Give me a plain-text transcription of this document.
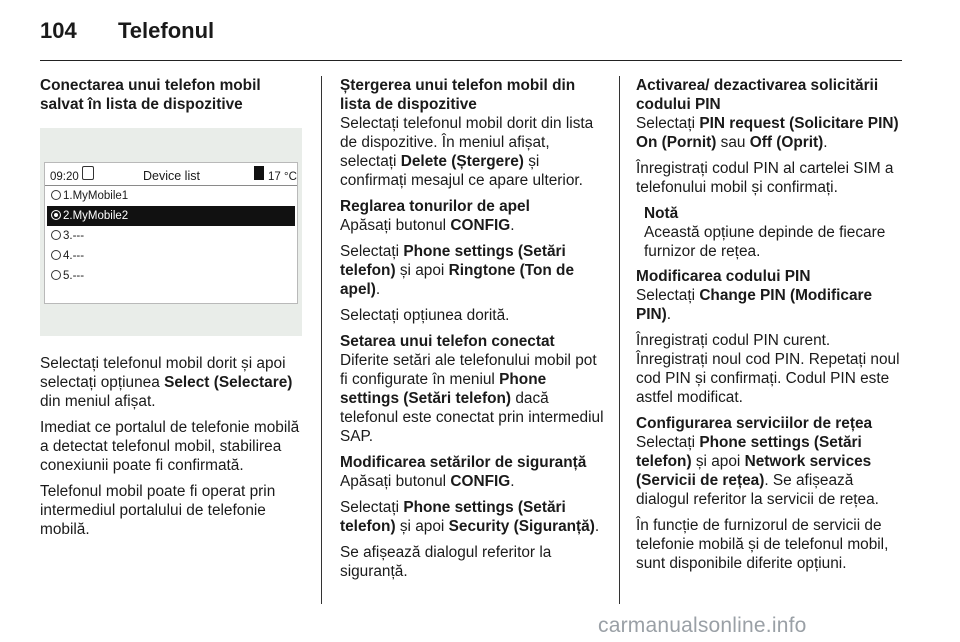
104 Telefonul
Conectarea unui telefon mobil salvat în lista de dispozitive
09:20	Device list	17 °C
1.MyMobile1
2.MyMobile2
3.---
4.---
5.---

Selectați telefonul mobil dorit și apoi selectați opțiunea Select (Selectare) din meniul afișat.

Imediat ce portalul de telefonie mobilă a detectat telefonul mobil, stabilirea conexiunii poate fi confirmată.

Telefonul mobil poate fi operat prin intermediul portalului de telefonie mobilă.

Ștergerea unui telefon mobil din lista de dispozitive

Selectați telefonul mobil dorit din lista de dispozitive. În meniul afișat, selectați Delete (Ștergere) și confirmați mesajul ce apare ulterior.

Reglarea tonurilor de apel

Apăsați butonul CONFIG.

Selectați Phone settings (Setări telefon) și apoi Ringtone (Ton de apel).

Selectați opțiunea dorită.

Setarea unui telefon conectat

Diferite setări ale telefonului mobil pot fi configurate în meniul Phone settings (Setări telefon) dacă telefonul este conectat prin intermediul SAP.

Modificarea setărilor de siguranță

Apăsați butonul CONFIG.

Selectați Phone settings (Setări telefon) și apoi Security (Siguranță).

Se afișează dialogul referitor la siguranță.

Activarea/ dezactivarea solicitării codului PIN

Selectați PIN request (Solicitare PIN) On (Pornit) sau Off (Oprit).

Înregistrați codul PIN al cartelei SIM a telefonului mobil și confirmați.

Notă
Această opțiune depinde de fiecare furnizor de rețea.
Modificarea codului PIN

Selectați Change PIN (Modificare PIN).

Înregistrați codul PIN curent.

Înregistrați noul cod PIN. Repetați noul cod PIN și confirmați. Codul PIN este astfel modificat.

Configurarea serviciilor de rețea

Selectați Phone settings (Setări telefon) și apoi Network services (Servicii de rețea). Se afișează dialogul referitor la servicii de rețea.

În funcție de furnizorul de servicii de telefonie mobilă și de telefonul mobil, sunt disponibile diferite opțiuni.

carmanualsonline.info
